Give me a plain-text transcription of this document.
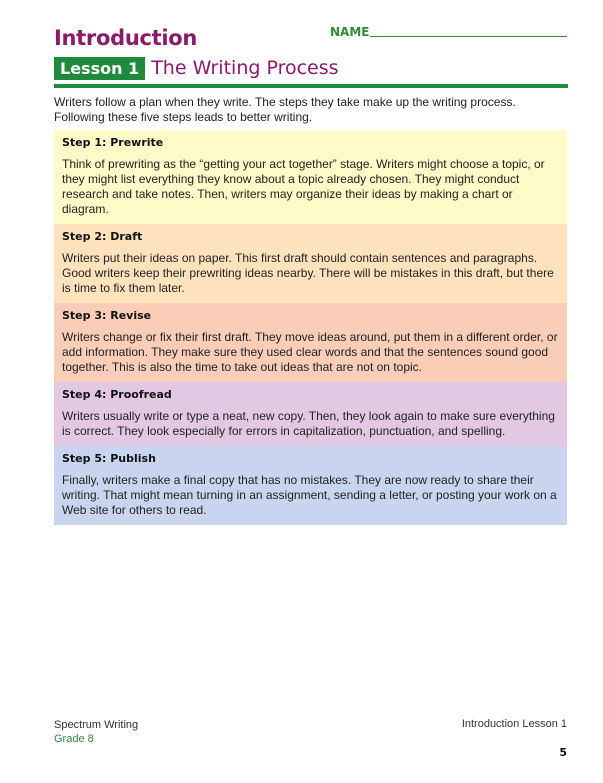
Introduction	NAME
Lesson 1 The Writing Process

Writers follow a plan when they write. The steps they take make up the writing process. Following these five steps leads to better writing.

Step 1: Prewrite
Think of prewriting as the “getting your act together” stage. Writers might choose a topic, or they might list everything they know about a topic already chosen. They might conduct research and take notes. Then, writers may organize their ideas by making a chart or diagram.
Step 2: Draft
Writers put their ideas on paper. This first draft should contain sentences and paragraphs. Good writers keep their prewriting ideas nearby. There will be mistakes in this draft, but there is time to fix them later.
Step 3: Revise
Writers change or fix their first draft. They move ideas around, put them in a different order, or add information. They make sure they used clear words and that the sentences sound good together. This is also the time to take out ideas that are not on topic.
Step 4: Proofread
Writers usually write or type a neat, new copy. Then, they look again to make sure everything is correct. They look especially for errors in capitalization, punctuation, and spelling.
Step 5: Publish
Finally, writers make a final copy that has no mistakes. They are now ready to share their writing. That might mean turning in an assignment, sending a letter, or posting your work on a Web site for others to read.
Spectrum Writing
Grade 8
Introduction Lesson 1
5
